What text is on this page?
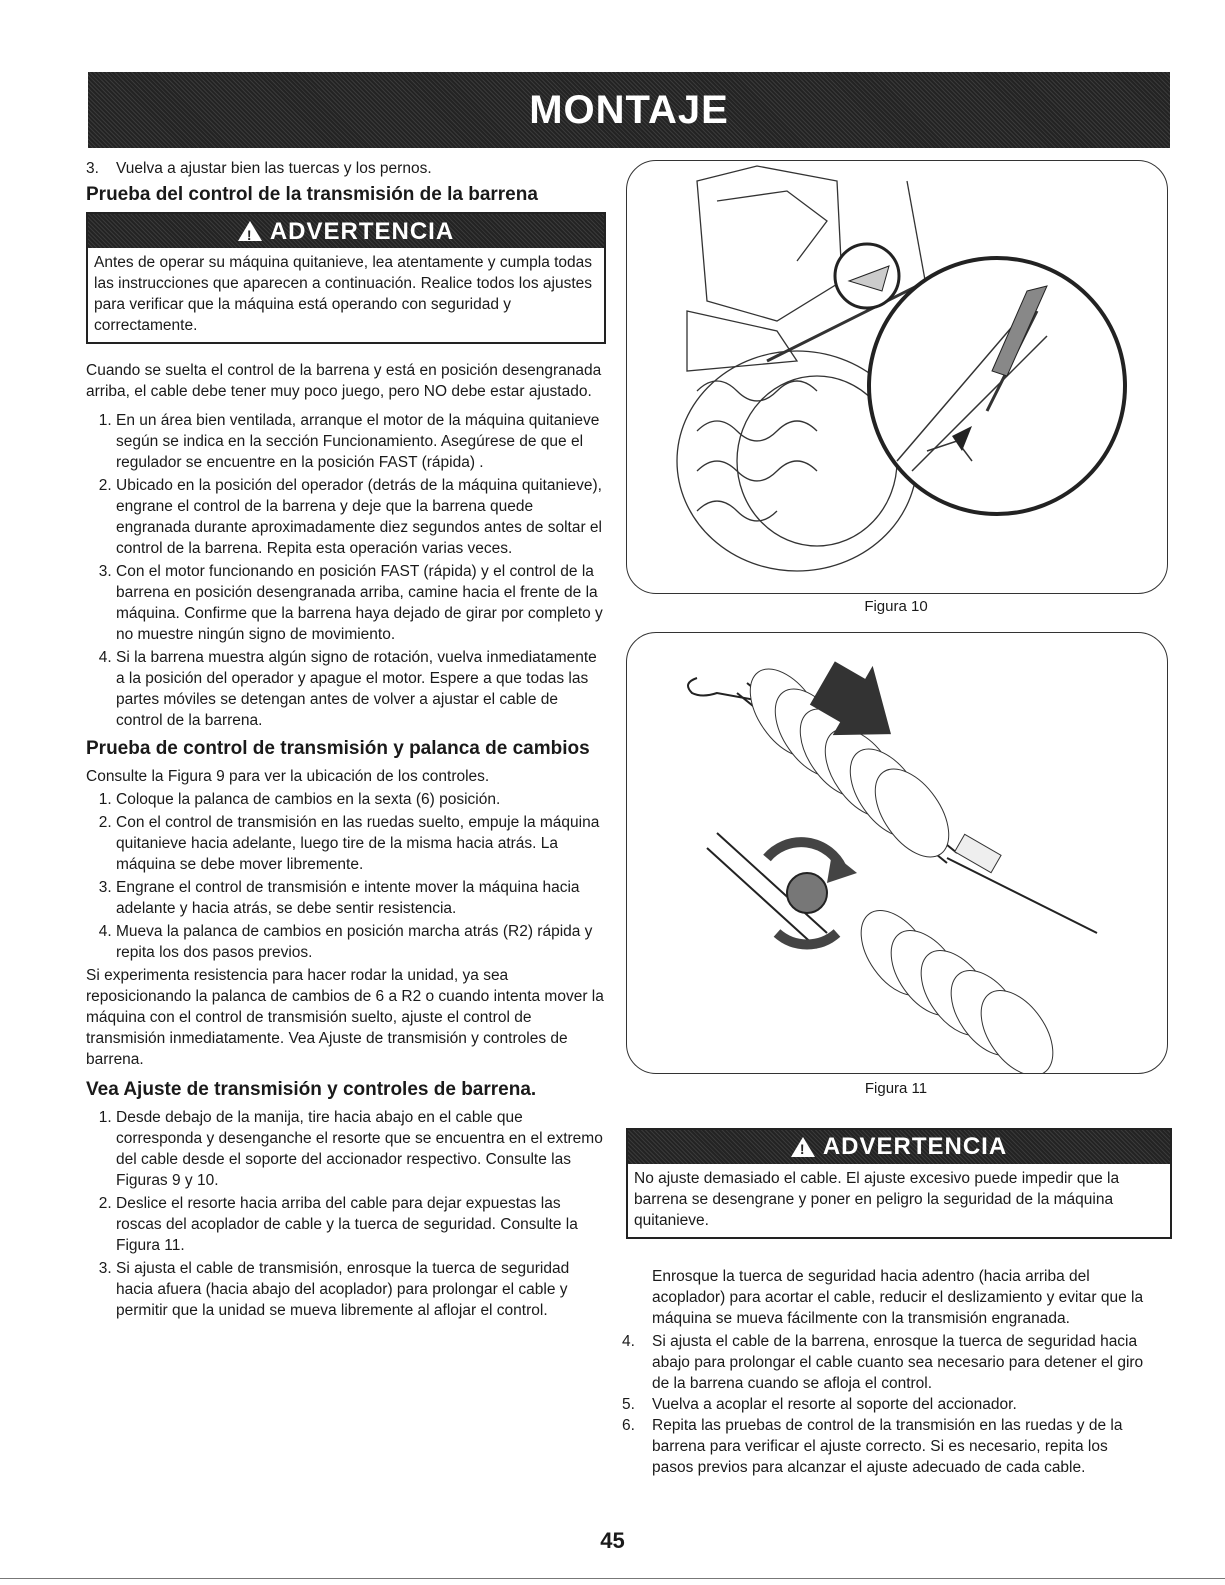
MONTAJE
3.	Vuelva a ajustar bien las tuercas y los pernos.
Prueba del control de la transmisión de la barrena
!
ADVERTENCIA
Antes de operar su máquina quitanieve, lea atentamente y cumpla todas las instrucciones que aparecen a continuación. Realice todos los ajustes para verificar que la máquina está operando con seguridad y correctamente.

Cuando se suelta el control de la barrena y está en posición desengranada arriba, el cable debe tener muy poco juego, pero NO debe estar ajustado.

1. En un área bien ventilada, arranque el motor de la máquina quitanieve según se indica en la sección Funcionamiento. Asegúrese de que el regulador se encuentre en la posición FAST (rápida) .
2. Ubicado en la posición del operador (detrás de la máquina quitanieve), engrane el control de la barrena y deje que la barrena quede engranada durante aproximadamente diez segundos antes de soltar el control de la barrena. Repita esta operación varias veces.
3. Con el motor funcionando en posición FAST (rápida) y el control de la barrena en posición desengranada arriba, camine hacia el frente de la máquina. Confirme que la barrena haya dejado de girar por completo y no muestre ningún signo de movimiento.
4. Si la barrena muestra algún signo de rotación, vuelva inmediatamente a la posición del operador y apague el motor. Espere a que todas las partes móviles se detengan antes de volver a ajustar el cable de control de la barrena.
Prueba de control de transmisión y palanca de cambios

Consulte la Figura 9 para ver la ubicación de los controles.

1. Coloque la palanca de cambios en la sexta (6) posición.
2. Con el control de transmisión en las ruedas suelto, empuje la máquina quitanieve hacia adelante, luego tire de la misma hacia atrás. La máquina se debe mover libremente.
3. Engrane el control de transmisión e intente mover la máquina hacia adelante y hacia atrás, se debe sentir resistencia.
4. Mueva la palanca de cambios en posición marcha atrás (R2) rápida y repita los dos pasos previos.

Si experimenta resistencia para hacer rodar la unidad, ya sea reposicionando la palanca de cambios de 6 a R2 o cuando intenta mover la máquina con el control de transmisión suelto, ajuste el control de transmisión inmediatamente. Vea Ajuste de transmisión y controles de barrena.

Vea Ajuste de transmisión y controles de barrena.
1. Desde debajo de la manija, tire hacia abajo en el cable que corresponda y desenganche el resorte que se encuentra en el extremo del cable desde el soporte del accionador respectivo. Consulte las Figuras 9 y 10.
2. Deslice el resorte hacia arriba del cable para dejar expuestas las roscas del acoplador de cable y la tuerca de seguridad. Consulte la Figura 11.
3. Si ajusta el cable de transmisión, enrosque la tuerca de seguridad hacia afuera (hacia abajo del acoplador) para prolongar el cable y permitir que la unidad se mueva libremente al aflojar el control.
Figura 10
Figura 11
!
ADVERTENCIA
No ajuste demasiado el cable. El ajuste excesivo puede impedir que la barrena se desengrane y poner en peligro la seguridad de la máquina quitanieve.

Enrosque la tuerca de seguridad hacia adentro (hacia arriba del acoplador) para acortar el cable, reducir el deslizamiento y evitar que la máquina se mueva fácilmente con la transmisión engranada.

4.	Si ajusta el cable de la barrena, enrosque la tuerca de seguridad hacia abajo para prolongar el cable cuanto sea necesario para detener el giro de la barrena cuando se afloja el control.
5.	Vuelva a acoplar el resorte al soporte del accionador.
6.	Repita las pruebas de control de la transmisión en las ruedas y de la barrena para verificar el ajuste correcto. Si es necesario, repita los pasos previos para alcanzar el ajuste adecuado de cada cable.
45
